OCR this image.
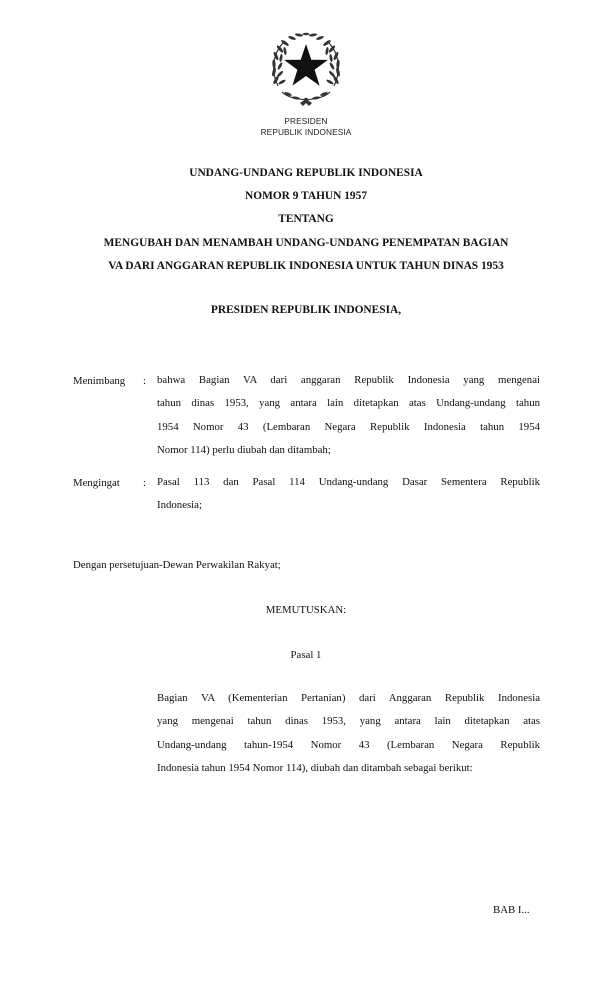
PRESIDEN
REPUBLIK INDONESIA
UNDANG-UNDANG REPUBLIK INDONESIA
NOMOR 9 TAHUN 1957
TENTANG
MENGUBAH DAN MENAMBAH UNDANG-UNDANG PENEMPATAN BAGIAN
VA DARI ANGGARAN REPUBLIK INDONESIA UNTUK TAHUN DINAS 1953
PRESIDEN REPUBLIK INDONESIA,
Menimbang : bahwa Bagian VA dari anggaran Republik Indonesia yang mengenai
tahun dinas 1953, yang antara lain ditetapkan atas Undang-undang tahun
1954 Nomor 43 (Lembaran Negara Republik Indonesia tahun 1954
Nomor 114) perlu diubah dan ditambah;
Mengingat : Pasal 113 dan Pasal 114 Undang-undang Dasar Sementera Republik
Indonesia;
Dengan persetujuan-Dewan Perwakilan Rakyat;
MEMUTUSKAN:
Pasal 1
Bagian VA (Kementerian Pertanian) dari Anggaran Republik Indonesia
yang mengenai tahun dinas 1953, yang antara lain ditetapkan atas
Undang-undang tahun-1954 Nomor 43 (Lembaran Negara Republik
Indonesia tahun 1954 Nomor 114), diubah dan ditambah sebagai berikut:
BAB I...
